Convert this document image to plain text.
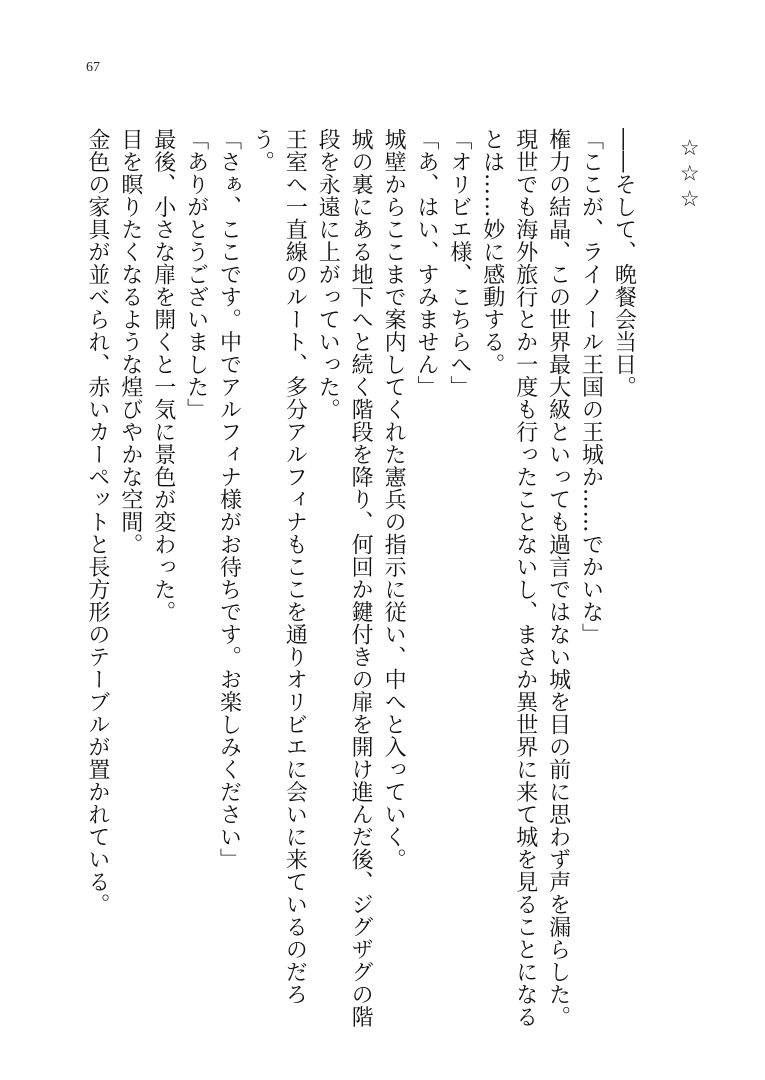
67

☆☆☆

――そして、晩餐会当日。

「ここが、ライノール王国の王城か……でかいな」

権力の結晶、この世界最大級といっても過言ではない城を目の前に思わず声を漏らした。

現世でも海外旅行とか一度も行ったことないし、まさか異世界に来て城を見ることになるとは……妙に感動する。

「オリビエ様、こちらへ」

「あ、はい、すみません」

城壁からここまで案内してくれた憲兵の指示に従い、中へと入っていく。

城の裏にある地下へと続く階段を降り、何回か鍵付きの扉を開け進んだ後、ジグザグの階段を永遠に上がっていった。

王室へ一直線のルート、多分アルフィナもここを通りオリビエに会いに来ているのだろう。

「さぁ、ここです。中でアルフィナ様がお待ちです。お楽しみください」

「ありがとうございました」

最後、小さな扉を開くと一気に景色が変わった。

目を瞑りたくなるような煌びやかな空間。

金色の家具が並べられ、赤いカーペットと長方形のテーブルが置かれている。
